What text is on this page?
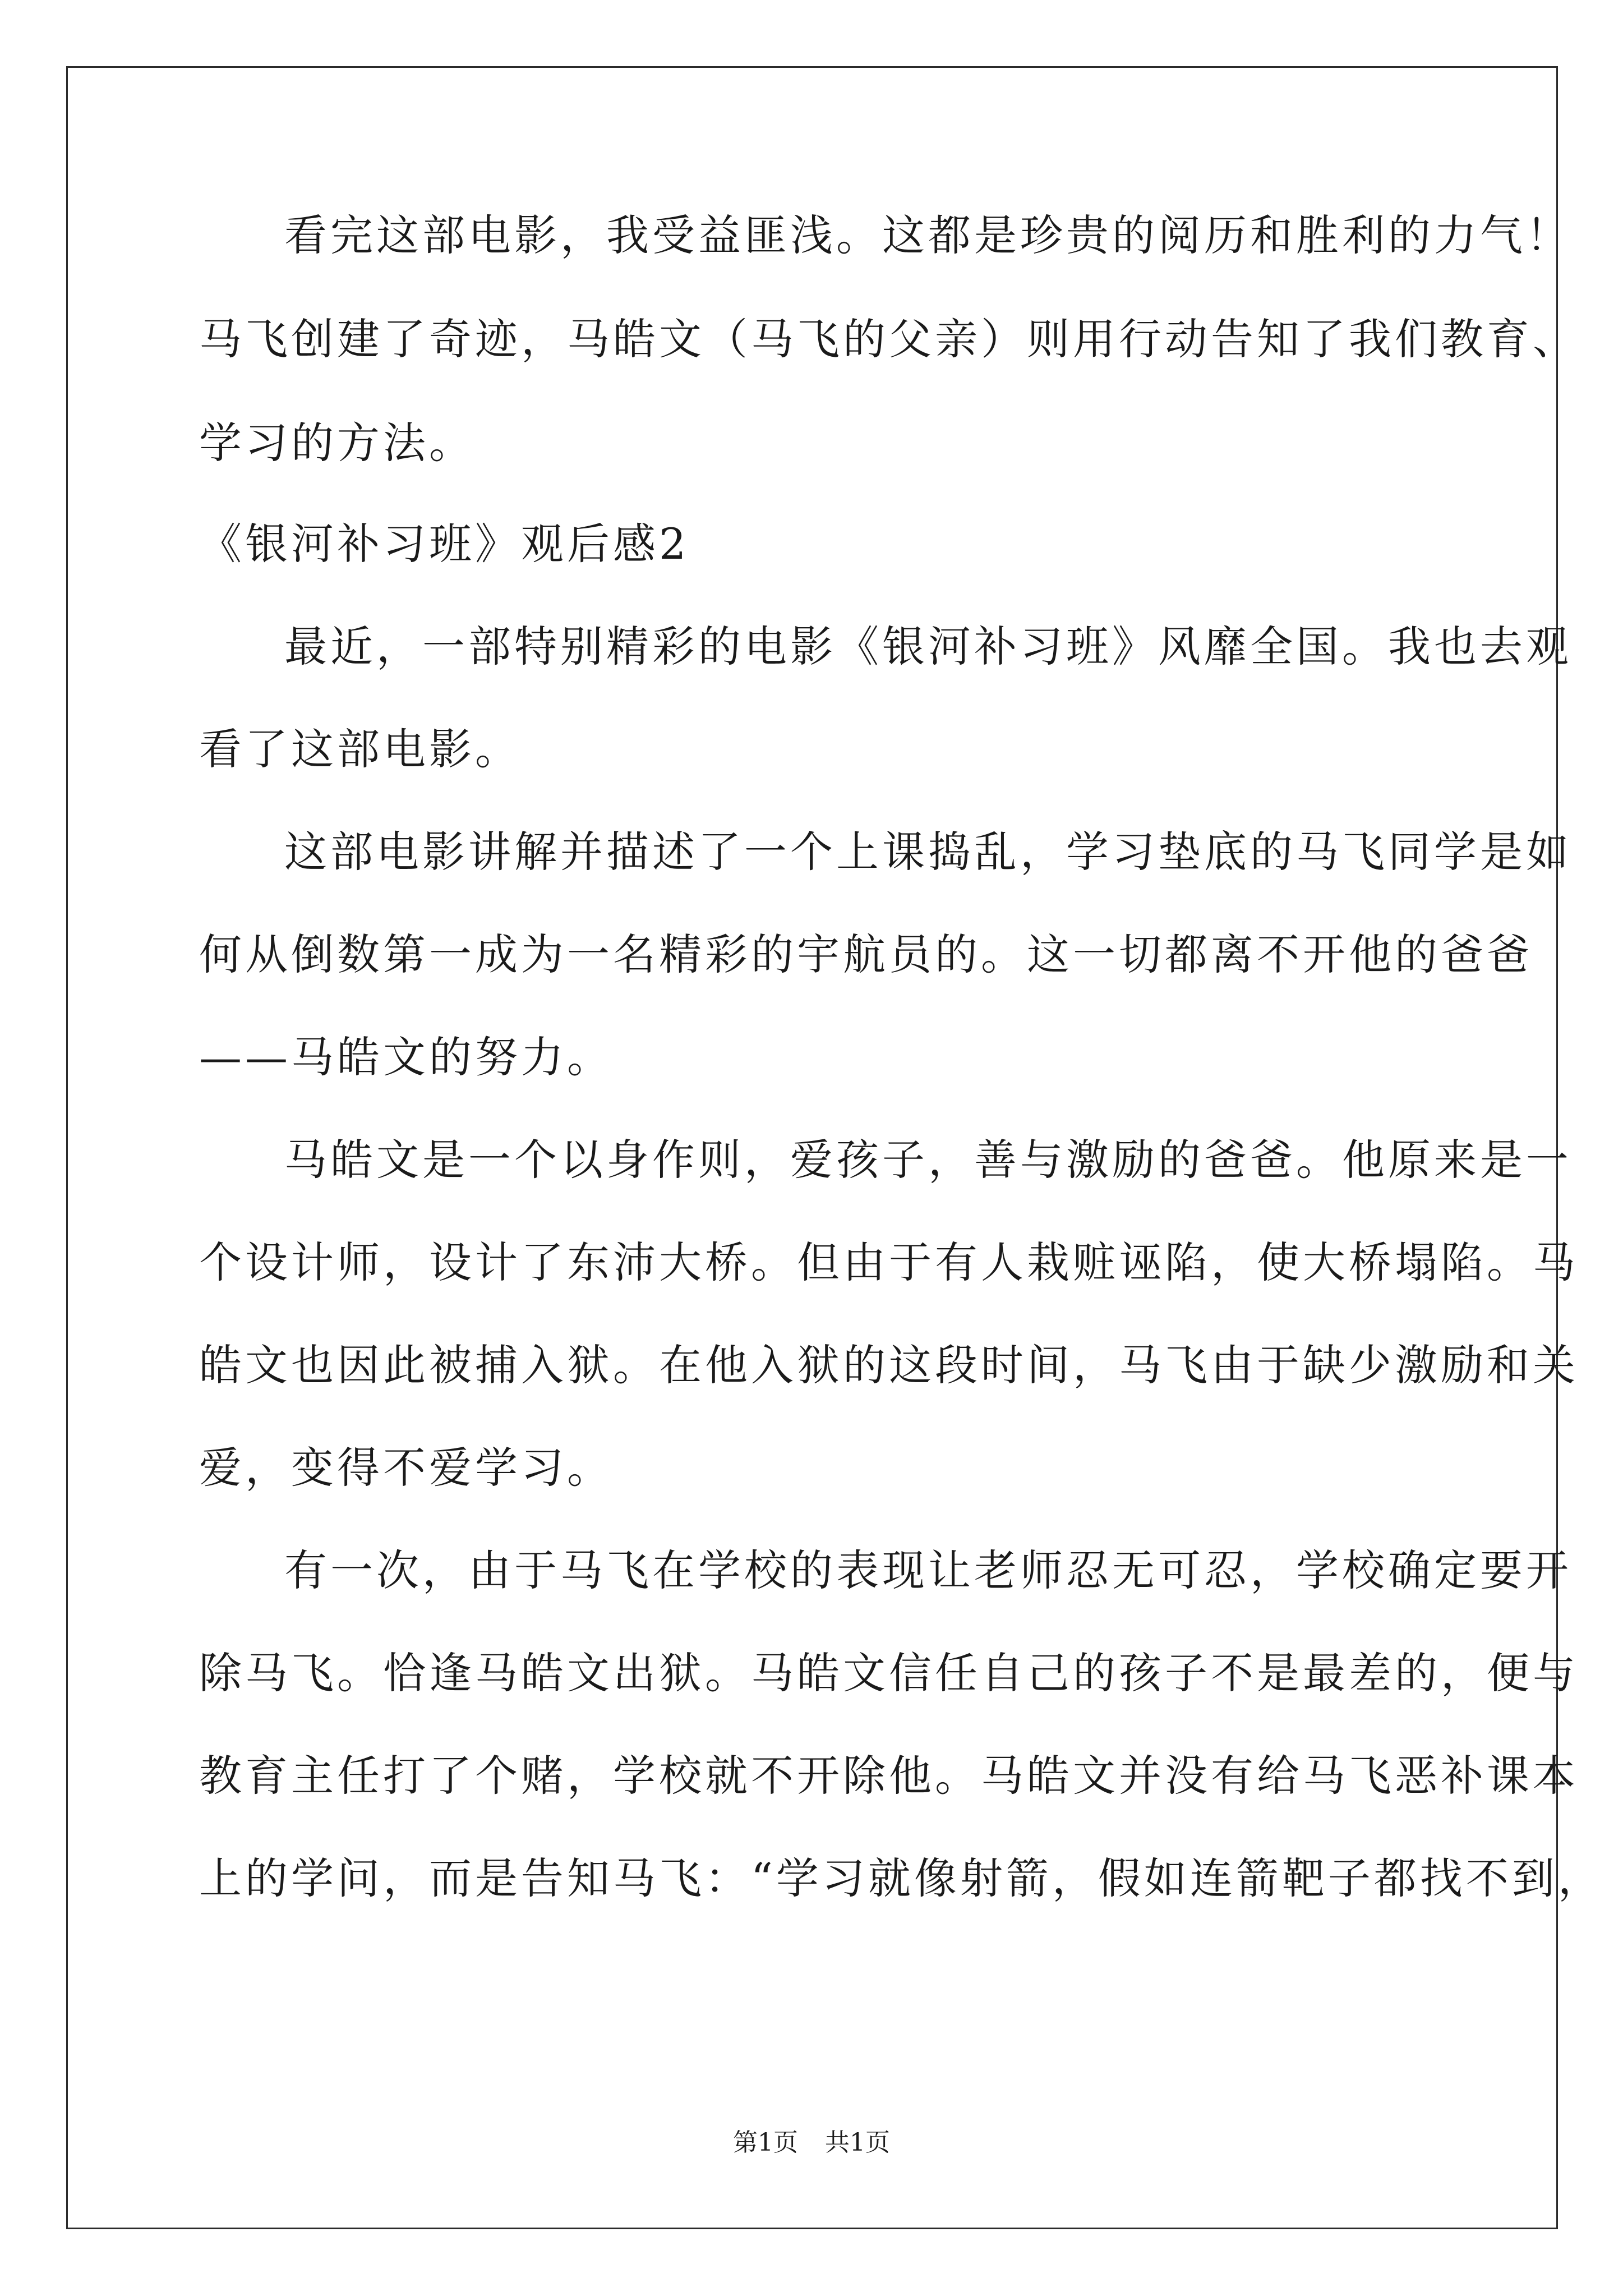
看完这部电影，我受益匪浅。这都是珍贵的阅历和胜利的力气！
马飞创建了奇迹，马皓文（马飞的父亲）则用行动告知了我们教育、
学习的方法。
《银河补习班》观后感2
最近，一部特别精彩的电影《银河补习班》风靡全国。我也去观
看了这部电影。
这部电影讲解并描述了一个上课捣乱，学习垫底的马飞同学是如
何从倒数第一成为一名精彩的宇航员的。这一切都离不开他的爸爸
——马皓文的努力。
马皓文是一个以身作则，爱孩子，善与激励的爸爸。他原来是一
个设计师，设计了东沛大桥。但由于有人栽赃诬陷，使大桥塌陷。马
皓文也因此被捕入狱。在他入狱的这段时间，马飞由于缺少激励和关
爱，变得不爱学习。
有一次，由于马飞在学校的表现让老师忍无可忍，学校确定要开
除马飞。恰逢马皓文出狱。马皓文信任自己的孩子不是最差的，便与
教育主任打了个赌，学校就不开除他。马皓文并没有给马飞恶补课本
上的学问，而是告知马飞：“学习就像射箭，假如连箭靶子都找不到，
第1页 共1页
